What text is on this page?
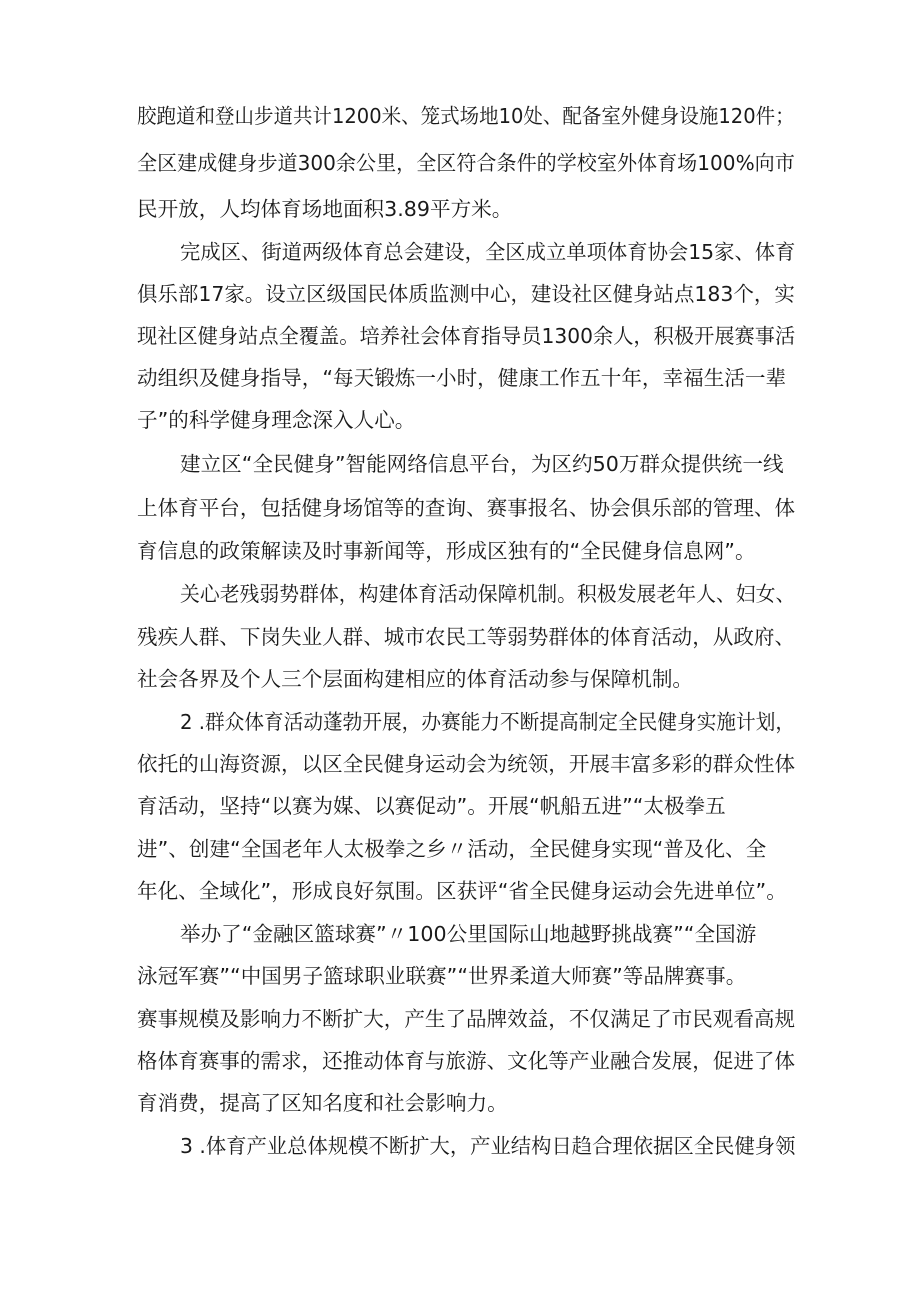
胶跑道和登山步道共计1200米、笼式场地10处、配备室外健身设施120件；
全区建成健身步道300余公里，全区符合条件的学校室外体育场100%向市
民开放，人均体育场地面积3.89平方米。
完成区、街道两级体育总会建设，全区成立单项体育协会15家、体育
俱乐部17家。设立区级国民体质监测中心，建设社区健身站点183个，实
现社区健身站点全覆盖。培养社会体育指导员1300余人，积极开展赛事活
动组织及健身指导，“每天锻炼一小时，健康工作五十年，幸福生活一辈
子”的科学健身理念深入人心。
建立区“全民健身”智能网络信息平台，为区约50万群众提供统一线
上体育平台，包括健身场馆等的查询、赛事报名、协会俱乐部的管理、体
育信息的政策解读及时事新闻等，形成区独有的“全民健身信息网”。
关心老残弱势群体，构建体育活动保障机制。积极发展老年人、妇女、
残疾人群、下岗失业人群、城市农民工等弱势群体的体育活动，从政府、
社会各界及个人三个层面构建相应的体育活动参与保障机制。
2 .群众体育活动蓬勃开展，办赛能力不断提高制定全民健身实施计划，
依托的山海资源，以区全民健身运动会为统领，开展丰富多彩的群众性体
育活动，坚持“以赛为媒、以赛促动”。开展“帆船五进”“太极拳五
进”、创建“全国老年人太极拳之乡〃活动，全民健身实现“普及化、全
年化、全域化”，形成良好氛围。区获评“省全民健身运动会先进单位”。
举办了“金融区篮球赛”〃100公里国际山地越野挑战赛”“全国游
泳冠军赛”“中国男子篮球职业联赛”“世界柔道大师赛”等品牌赛事。
赛事规模及影响力不断扩大，产生了品牌效益，不仅满足了市民观看高规
格体育赛事的需求，还推动体育与旅游、文化等产业融合发展，促进了体
育消费，提高了区知名度和社会影响力。
3 .体育产业总体规模不断扩大，产业结构日趋合理依据区全民健身领
